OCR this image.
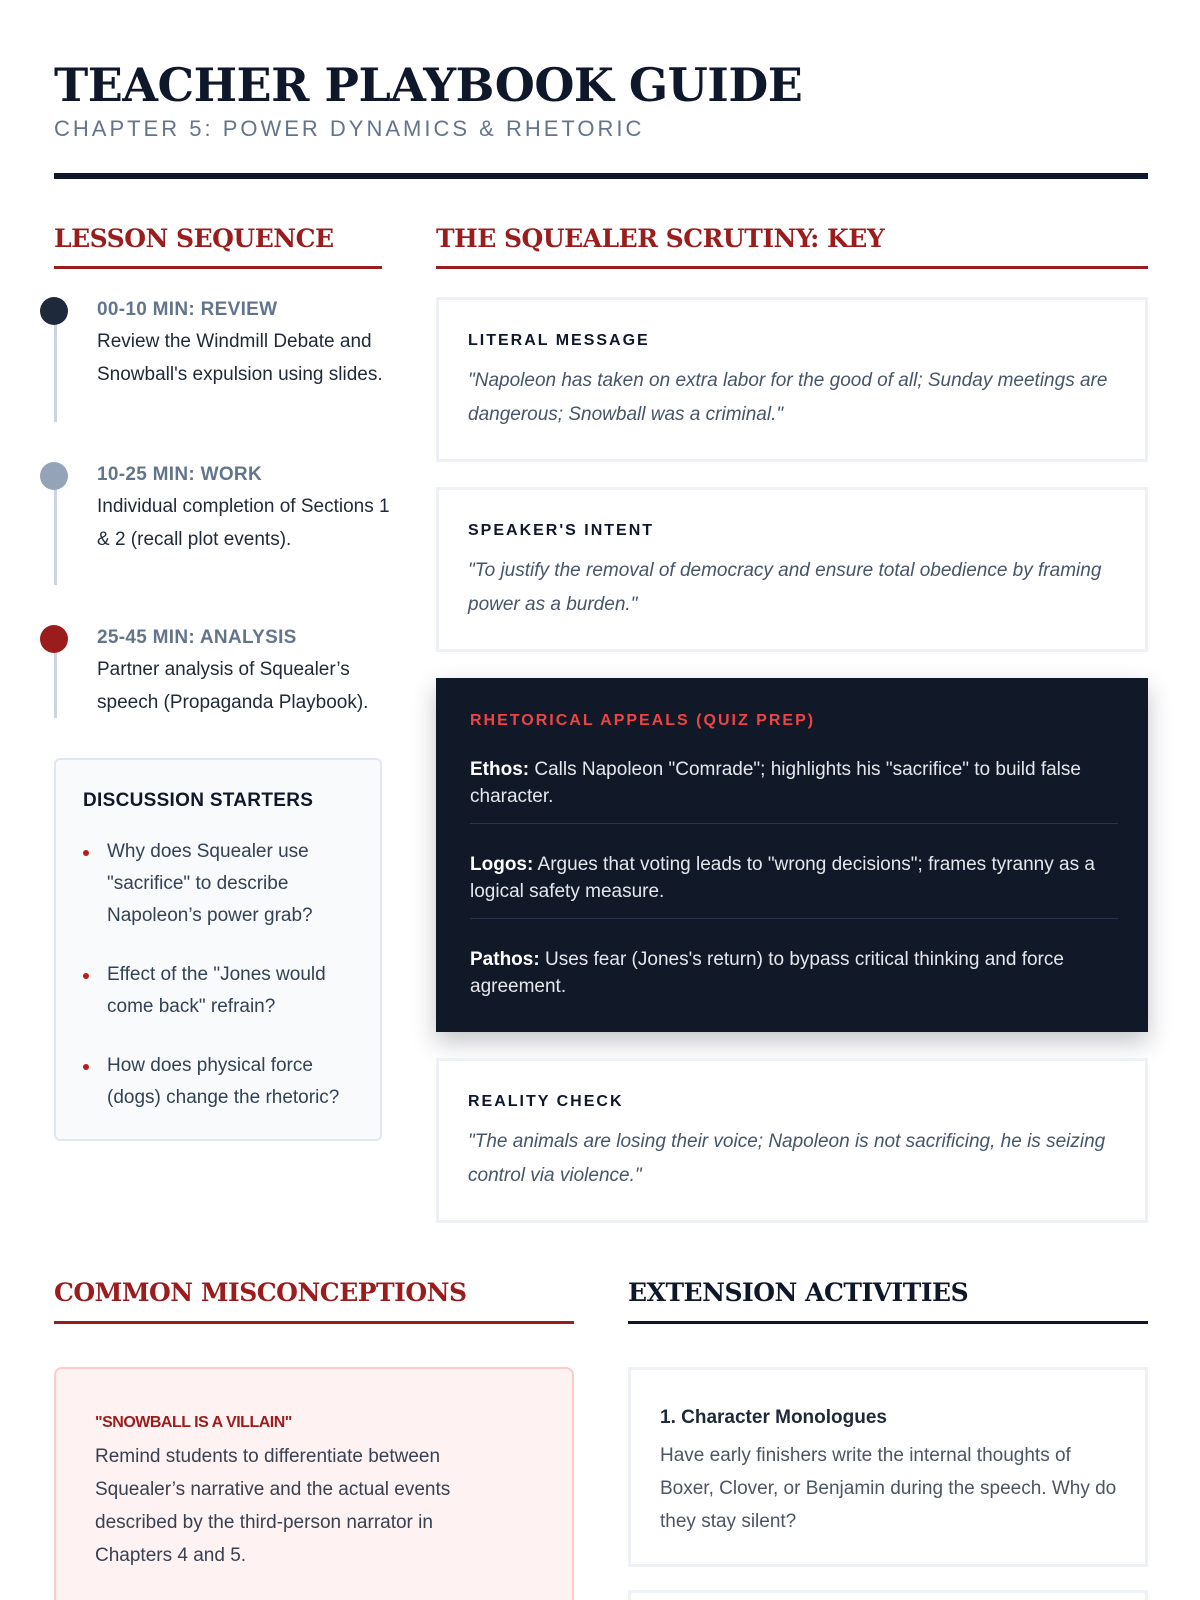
TEACHER PLAYBOOK GUIDE
CHAPTER 5: POWER DYNAMICS & RHETORIC
LESSON SEQUENCE
00-10 MIN: REVIEW
Review the Windmill Debate and Snowball's expulsion using slides.
10-25 MIN: WORK
Individual completion of Sections 1 & 2 (recall plot events).
25-45 MIN: ANALYSIS
Partner analysis of Squealer’s speech (Propaganda Playbook).
DISCUSSION STARTERS
Why does Squealer use "sacrifice" to describe Napoleon’s power grab?
Effect of the "Jones would come back" refrain?
How does physical force (dogs) change the rhetoric?
THE SQUEALER SCRUTINY: KEY
LITERAL MESSAGE
"Napoleon has taken on extra labor for the good of all; Sunday meetings are dangerous; Snowball was a criminal."
SPEAKER'S INTENT
"To justify the removal of democracy and ensure total obedience by framing power as a burden."
RHETORICAL APPEALS (QUIZ PREP)
Ethos: Calls Napoleon "Comrade"; highlights his "sacrifice" to build false character.
Logos: Argues that voting leads to "wrong decisions"; frames tyranny as a logical safety measure.
Pathos: Uses fear (Jones's return) to bypass critical thinking and force agreement.
REALITY CHECK
"The animals are losing their voice; Napoleon is not sacrificing, he is seizing control via violence."
COMMON MISCONCEPTIONS
"SNOWBALL IS A VILLAIN"
Remind students to differentiate between Squealer’s narrative and the actual events described by the third-person narrator in Chapters 4 and 5.
EXTENSION ACTIVITIES
1. Character Monologues
Have early finishers write the internal thoughts of Boxer, Clover, or Benjamin during the speech. Why do they stay silent?
